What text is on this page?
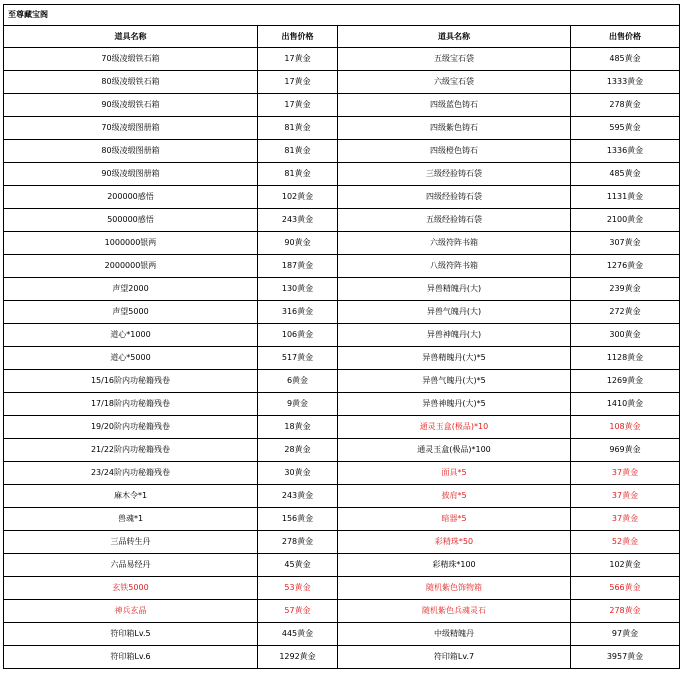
至尊藏宝阁			
道具名称	出售价格	道具名称	出售价格
70级凌缎铁石箱	17黄金	五级宝石袋	485黄金
80级凌缎铁石箱	17黄金	六级宝石袋	1333黄金
90级凌缎铁石箱	17黄金	四级蓝色铸石	278黄金
70级凌缎图册箱	81黄金	四级紫色铸石	595黄金
80级凌缎图册箱	81黄金	四级橙色铸石	1336黄金
90级凌缎图册箱	81黄金	三级经验铸石袋	485黄金
200000感悟	102黄金	四级经验铸石袋	1131黄金
500000感悟	243黄金	五级经验铸石袋	2100黄金
1000000银两	90黄金	六级符阵书箱	307黄金
2000000银两	187黄金	八级符阵书箱	1276黄金
声望2000	130黄金	异兽精魄丹(大)	239黄金
声望5000	316黄金	异兽气魄丹(大)	272黄金
道心*1000	106黄金	异兽神魄丹(大)	300黄金
道心*5000	517黄金	异兽精魄丹(大)*5	1128黄金
15/16阶内功秘籍残卷	6黄金	异兽气魄丹(大)*5	1269黄金
17/18阶内功秘籍残卷	9黄金	异兽神魄丹(大)*5	1410黄金
19/20阶内功秘籍残卷	18黄金	通灵玉盒(极品)*10	108黄金
21/22阶内功秘籍残卷	28黄金	通灵玉盒(极品)*100	969黄金
23/24阶内功秘籍残卷	30黄金	面具*5	37黄金
麻木令*1	243黄金	披肩*5	37黄金
兽魂*1	156黄金	暗器*5	37黄金
三品转生丹	278黄金	彩精珠*50	52黄金
六品易经丹	45黄金	彩精珠*100	102黄金
玄铁5000	53黄金	随机紫色饰物箱	566黄金
神兵玄晶	57黄金	随机紫色兵魂灵石	278黄金
符印箱Lv.5	445黄金	中级精魄丹	97黄金
符印箱Lv.6	1292黄金	符印箱Lv.7	3957黄金
